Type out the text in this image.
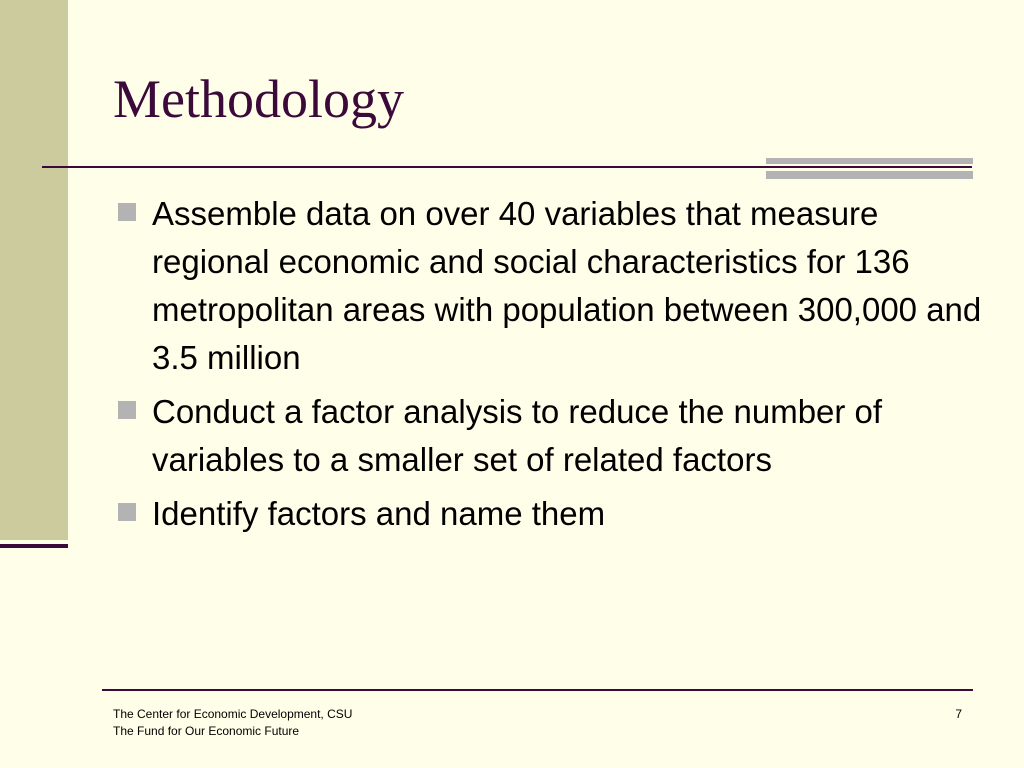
Methodology
Assemble data on over 40 variables that measure regional economic and social characteristics for 136 metropolitan areas with population between 300,000 and 3.5 million
Conduct a factor analysis to reduce the number of variables to a smaller set of related factors
Identify factors and name them
The Center for Economic Development, CSU
The Fund for Our Economic Future
7
